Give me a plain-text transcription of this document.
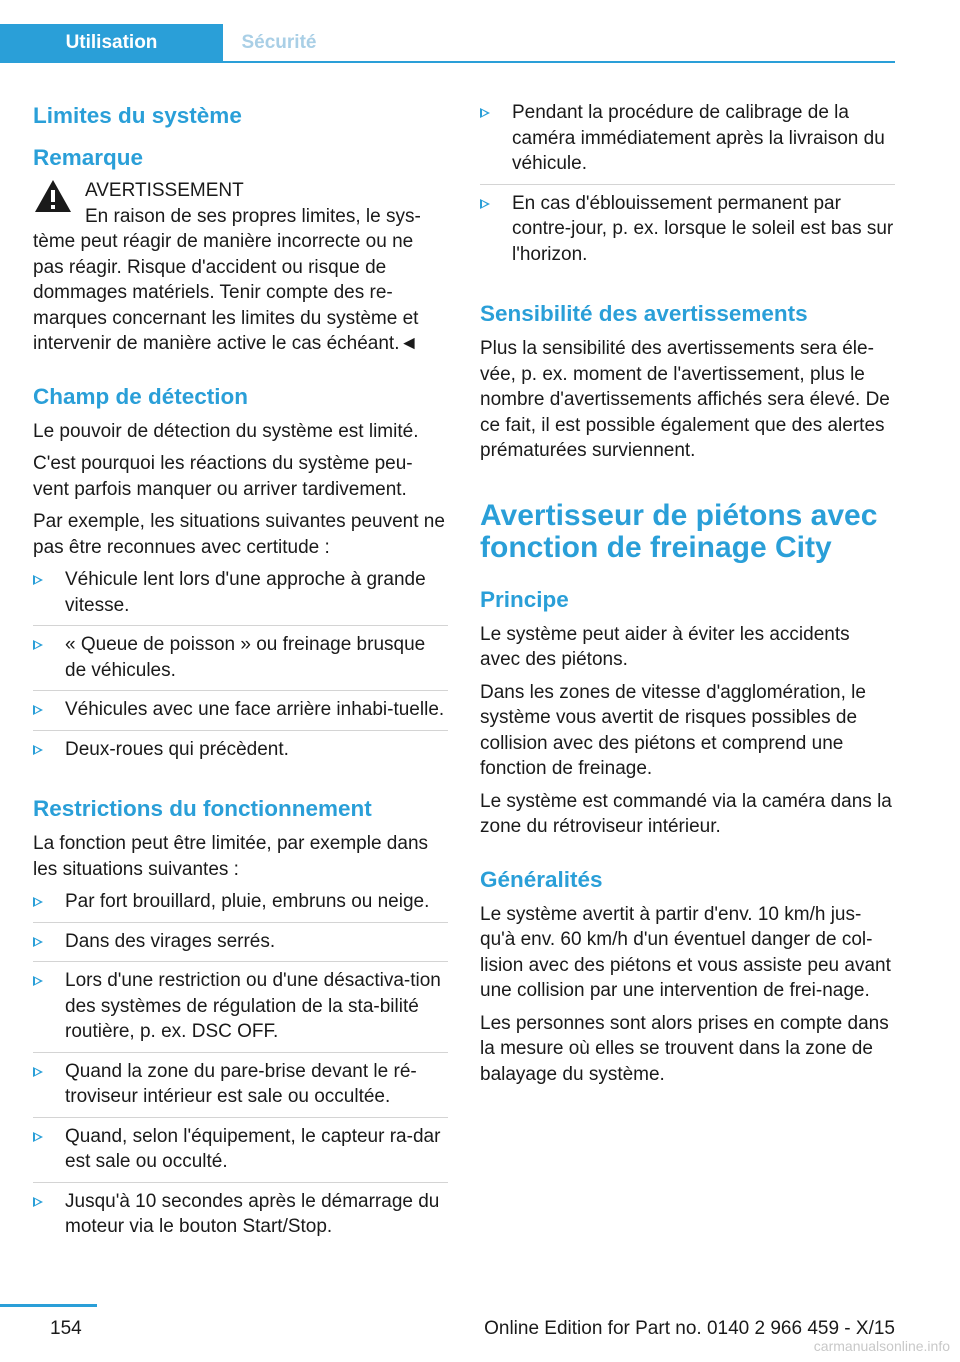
Utilisation	Sécurité
Limites du système
Remarque
AVERTISSEMENT

En raison de ses propres limites, le sys-

tème peut réagir de manière incorrecte ou ne pas réagir. Risque d'accident ou risque de dommages matériels. Tenir compte des re-marques concernant les limites du système et intervenir de manière active le cas échéant.◄

Champ de détection

Le pouvoir de détection du système est limité.

C'est pourquoi les réactions du système peu-vent parfois manquer ou arriver tardivement.

Par exemple, les situations suivantes peuvent ne pas être reconnues avec certitude :

Véhicule lent lors d'une approche à grande vitesse.
« Queue de poisson » ou freinage brusque de véhicules.
Véhicules avec une face arrière inhabi-tuelle.
Deux-roues qui précèdent.
Restrictions du fonctionnement

La fonction peut être limitée, par exemple dans les situations suivantes :

Par fort brouillard, pluie, embruns ou neige.
Dans des virages serrés.
Lors d'une restriction ou d'une désactiva-tion des systèmes de régulation de la sta-bilité routière, p. ex. DSC OFF.
Quand la zone du pare-brise devant le ré-troviseur intérieur est sale ou occultée.
Quand, selon l'équipement, le capteur ra-dar est sale ou occulté.
Jusqu'à 10 secondes après le démarrage du moteur via le bouton Start/Stop.
Pendant la procédure de calibrage de la caméra immédiatement après la livraison du véhicule.
En cas d'éblouissement permanent par contre-jour, p. ex. lorsque le soleil est bas sur l'horizon.
Sensibilité des avertissements

Plus la sensibilité des avertissements sera éle-vée, p. ex. moment de l'avertissement, plus le nombre d'avertissements affichés sera élevé. De ce fait, il est possible également que des alertes prématurées surviennent.

Avertisseur de piétons avec fonction de freinage City
Principe

Le système peut aider à éviter les accidents avec des piétons.

Dans les zones de vitesse d'agglomération, le système vous avertit de risques possibles de collision avec des piétons et comprend une fonction de freinage.

Le système est commandé via la caméra dans la zone du rétroviseur intérieur.

Généralités

Le système avertit à partir d'env. 10 km/h jus-qu'à env. 60 km/h d'un éventuel danger de col-lision avec des piétons et vous assiste peu avant une collision par une intervention de frei-nage.

Les personnes sont alors prises en compte dans la mesure où elles se trouvent dans la zone de balayage du système.

154	Online Edition for Part no. 0140 2 966 459 - X/15
carmanualsonline.info
